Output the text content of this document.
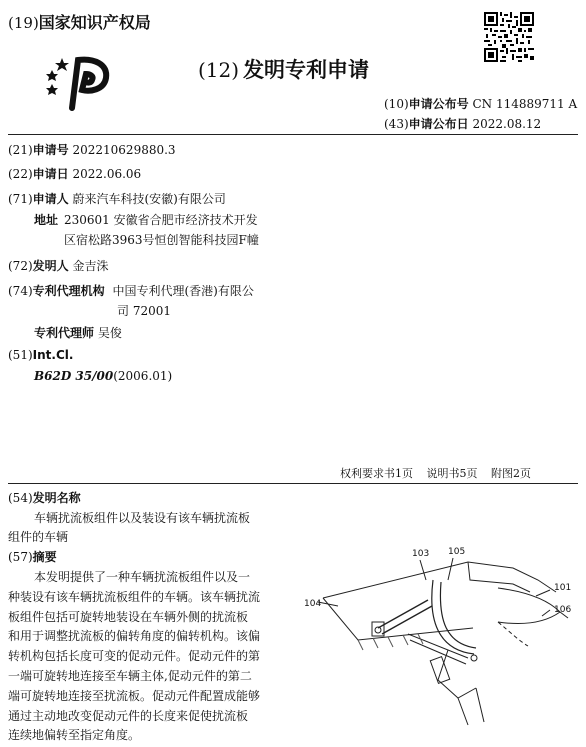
(19)国家知识产权局
(12) 发明专利申请
(10)申请公布号 CN 114889711 A
(43)申请公布日 2022.08.12
(21)申请号 202210629880.3
(22)申请日 2022.06.06
(71)申请人 蔚来汽车科技(安徽)有限公司
地址 230601 安徽省合肥市经济技术开发
区宿松路3963号恒创智能科技园F幢
(72)发明人 金吉洙
(74)专利代理机构 中国专利代理(香港)有限公
司 72001
专利代理师 吴俊
(51)Int.Cl.
B62D 35/00(2006.01)
权利要求书1页 说明书5页 附图2页
(54)发明名称
车辆扰流板组件以及装设有该车辆扰流板
组件的车辆
(57)摘要

本发明提供了一种车辆扰流板组件以及一

种装设有该车辆扰流板组件的车辆。该车辆扰流

板组件包括可旋转地装设在车辆外侧的扰流板

和用于调整扰流板的偏转角度的偏转机构。该偏

转机构包括长度可变的促动元件。促动元件的第

一端可旋转地连接至车辆主体,促动元件的第二

端可旋转地连接至扰流板。促动元件配置成能够

通过主动地改变促动元件的长度来促使扰流板

连续地偏转至指定角度。

103 105
101
104
106
